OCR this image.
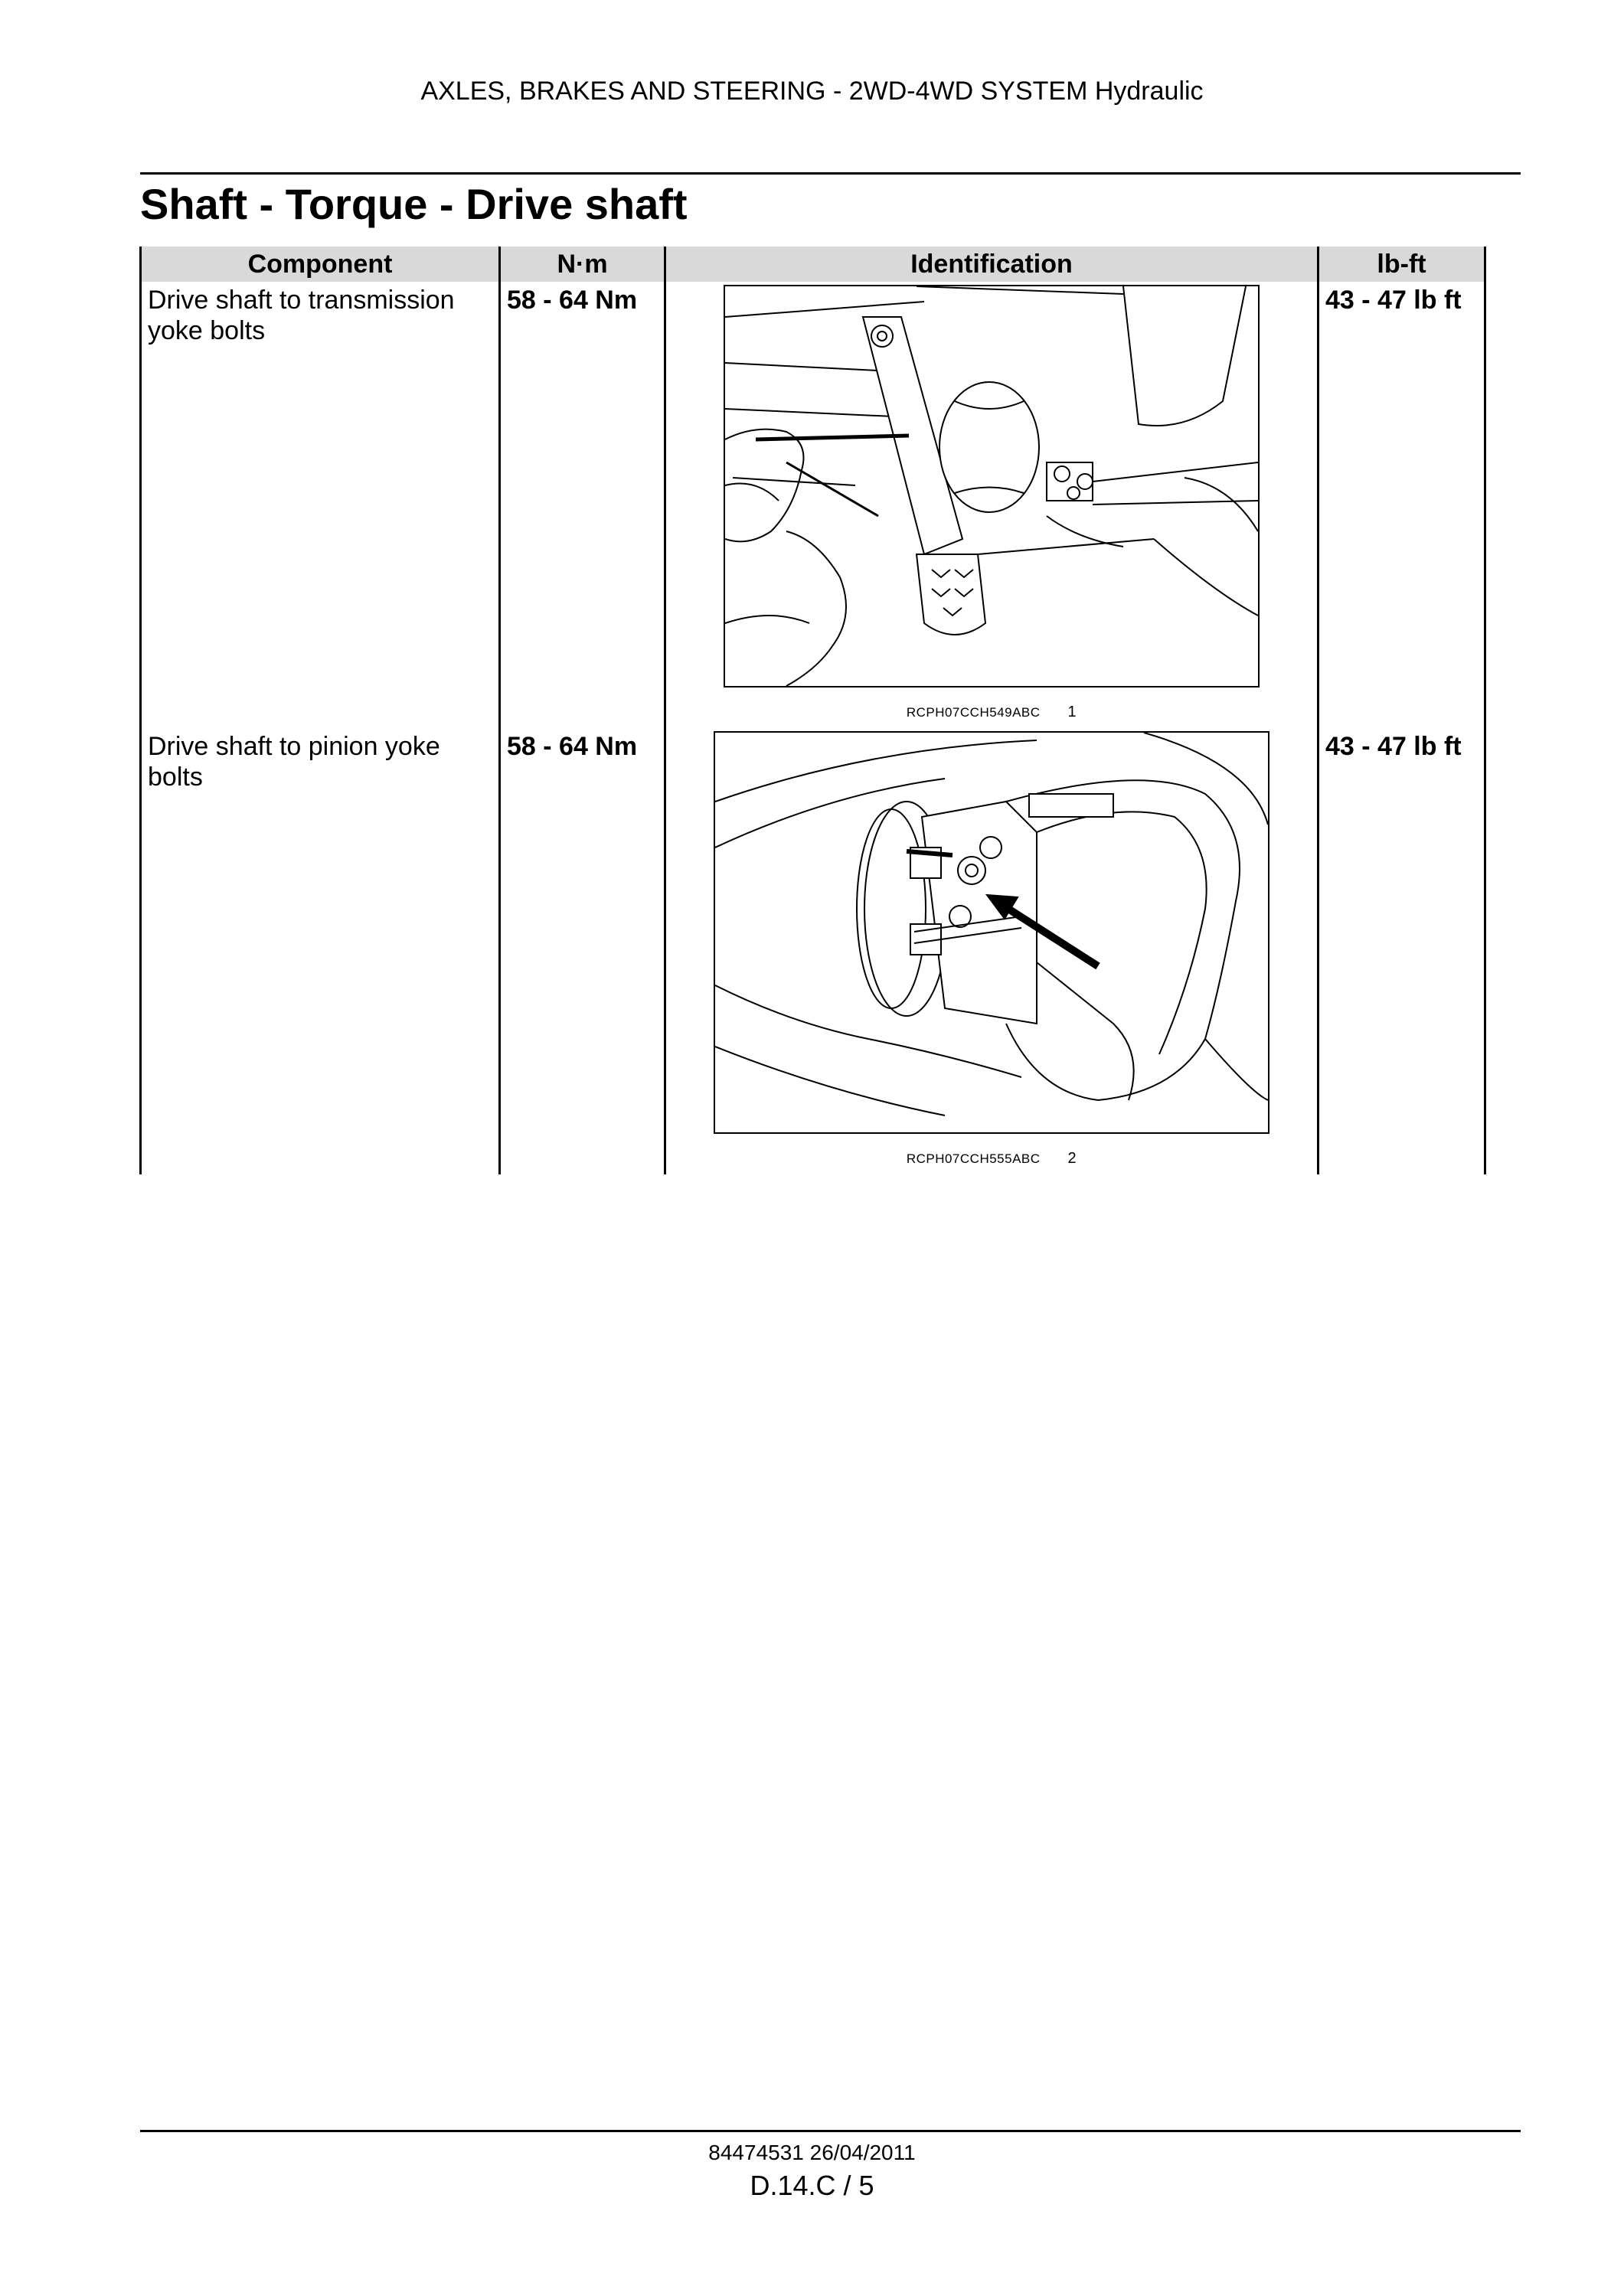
AXLES, BRAKES AND STEERING - 2WD-4WD SYSTEM Hydraulic
Shaft - Torque - Drive shaft
Component	N·m	Identification	lb-ft
Drive shaft to transmission yoke bolts	58 - 64 Nm	RCPH07CCH549ABC 1	43 - 47 lb ft
Drive shaft to pinion yoke bolts	58 - 64 Nm	RCPH07CCH555ABC 2	43 - 47 lb ft
84474531 26/04/2011
D.14.C / 5
